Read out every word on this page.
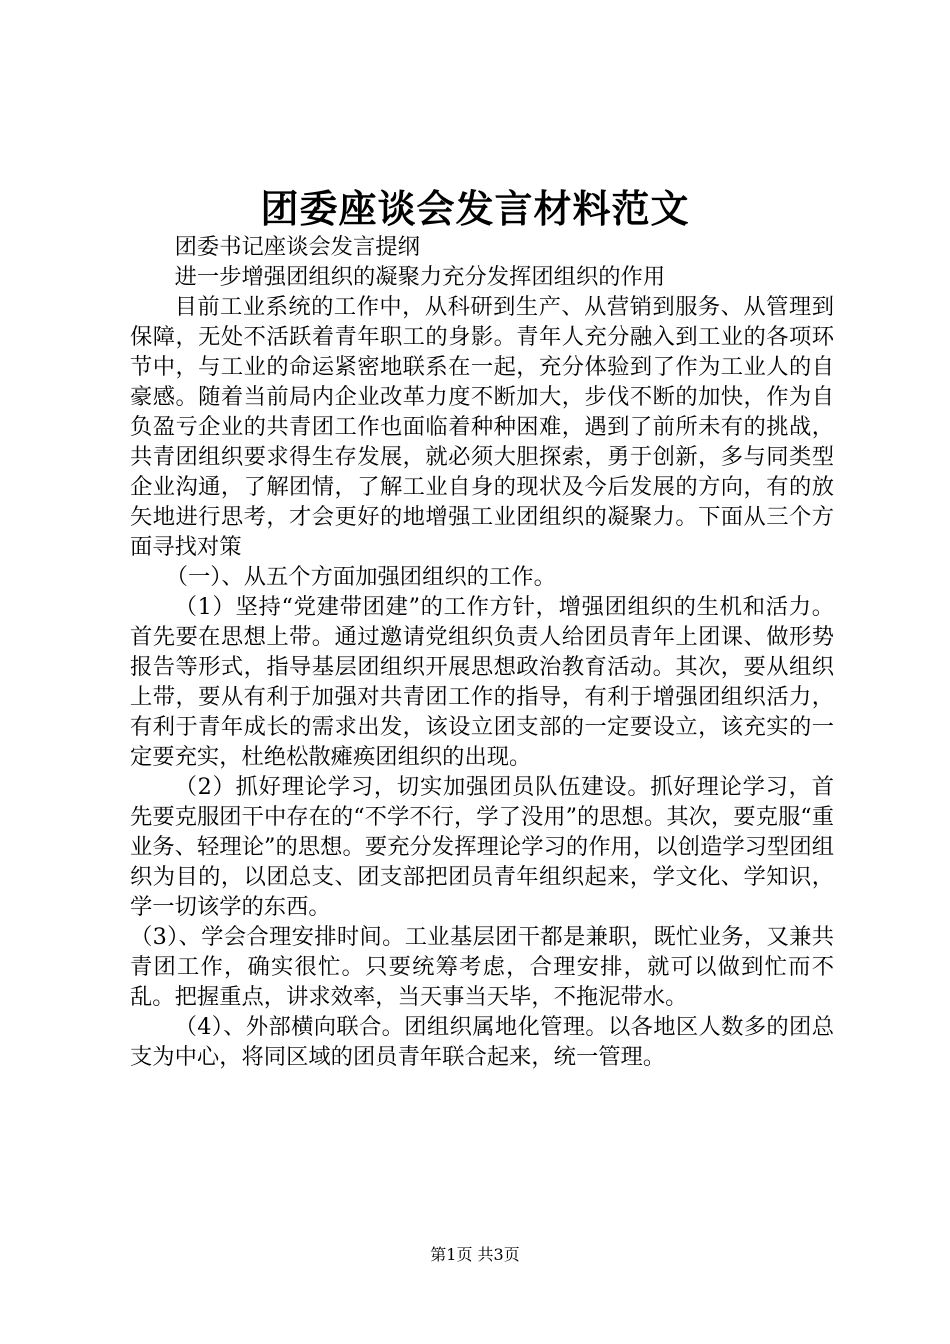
团委座谈会发言材料范文

团委书记座谈会发言提纲

进一步增强团组织的凝聚力充分发挥团组织的作用

目前工业系统的工作中，从科研到生产、从营销到服务、从管理到保障，无处不活跃着青年职工的身影。青年人充分融入到工业的各项环节中，与工业的命运紧密地联系在一起，充分体验到了作为工业人的自豪感。随着当前局内企业改革力度不断加大，步伐不断的加快，作为自负盈亏企业的共青团工作也面临着种种困难，遇到了前所未有的挑战，共青团组织要求得生存发展，就必须大胆探索，勇于创新，多与同类型企业沟通，了解团情，了解工业自身的现状及今后发展的方向，有的放矢地进行思考，才会更好的地增强工业团组织的凝聚力。下面从三个方面寻找对策

（一）、从五个方面加强团组织的工作。

（1）坚持“党建带团建”的工作方针，增强团组织的生机和活力。首先要在思想上带。通过邀请党组织负责人给团员青年上团课、做形势报告等形式，指导基层团组织开展思想政治教育活动。其次，要从组织上带，要从有利于加强对共青团工作的指导，有利于增强团组织活力，有利于青年成长的需求出发，该设立团支部的一定要设立，该充实的一定要充实，杜绝松散瘫痪团组织的出现。

（2）抓好理论学习，切实加强团员队伍建设。抓好理论学习，首先要克服团干中存在的“不学不行，学了没用”的思想。其次，要克服“重业务、轻理论”的思想。要充分发挥理论学习的作用，以创造学习型团组织为目的，以团总支、团支部把团员青年组织起来，学文化、学知识，学一切该学的东西。

（3）、学会合理安排时间。工业基层团干都是兼职，既忙业务，又兼共青团工作，确实很忙。只要统筹考虑，合理安排，就可以做到忙而不乱。把握重点，讲求效率，当天事当天毕，不拖泥带水。

（4）、外部横向联合。团组织属地化管理。以各地区人数多的团总支为中心，将同区域的团员青年联合起来，统一管理。

第1页 共3页
